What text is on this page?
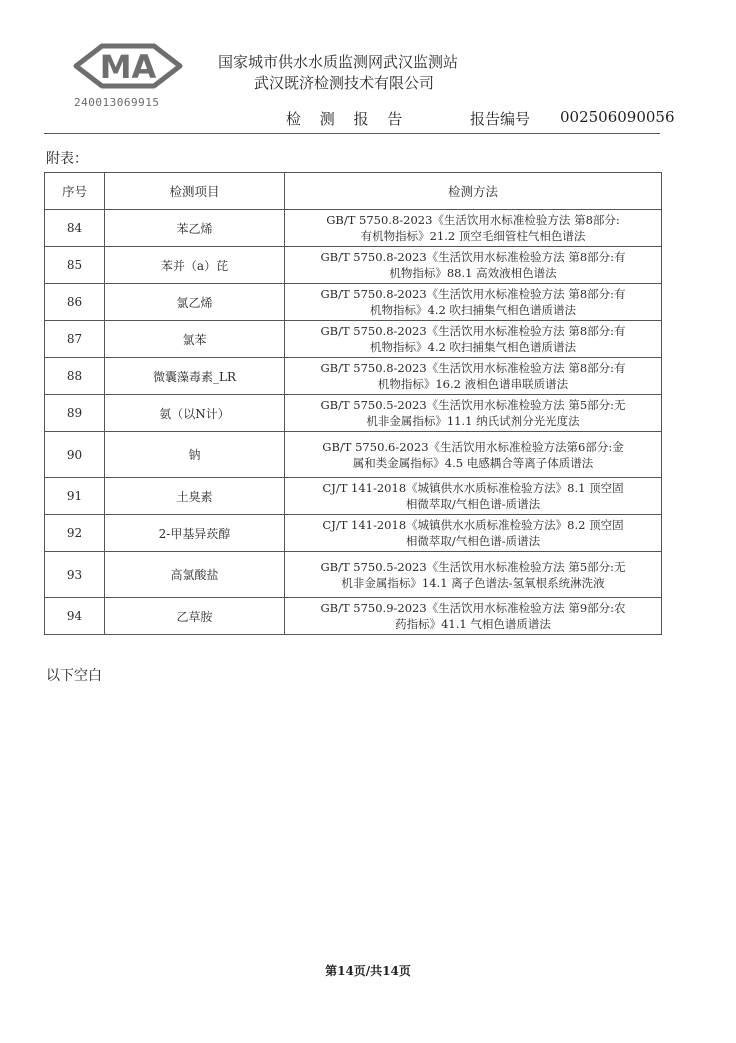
MA
240013069915
国家城市供水水质监测网武汉监测站
武汉既济检测技术有限公司
检 测 报 告	报告编号 002506090056
附表：
序号	检测项目	检测方法
84	苯乙烯	GB/T 5750.8-2023《生活饮用水标准检验方法 第8部分:
有机物指标》21.2 顶空毛细管柱气相色谱法
85	苯并（a）芘	GB/T 5750.8-2023《生活饮用水标准检验方法 第8部分:有
机物指标》88.1 高效液相色谱法
86	氯乙烯	GB/T 5750.8-2023《生活饮用水标准检验方法 第8部分:有
机物指标》4.2 吹扫捕集气相色谱质谱法
87	氯苯	GB/T 5750.8-2023《生活饮用水标准检验方法 第8部分:有
机物指标》4.2 吹扫捕集气相色谱质谱法
88	微囊藻毒素_LR	GB/T 5750.8-2023《生活饮用水标准检验方法 第8部分:有
机物指标》16.2 液相色谱串联质谱法
89	氨（以N计）	GB/T 5750.5-2023《生活饮用水标准检验方法 第5部分:无
机非金属指标》11.1 纳氏试剂分光光度法
90	钠	GB/T 5750.6-2023《生活饮用水标准检验方法第6部分:金
属和类金属指标》4.5 电感耦合等离子体质谱法
91	土臭素	CJ/T 141-2018《城镇供水水质标准检验方法》8.1 顶空固
相微萃取/气相色谱-质谱法
92	2-甲基异莰醇	CJ/T 141-2018《城镇供水水质标准检验方法》8.2 顶空固
相微萃取/气相色谱-质谱法
93	高氯酸盐	GB/T 5750.5-2023《生活饮用水标准检验方法 第5部分:无
机非金属指标》14.1 离子色谱法-氢氧根系统淋洗液
94	乙草胺	GB/T 5750.9-2023《生活饮用水标准检验方法 第9部分:农
药指标》41.1 气相色谱质谱法
以下空白
第14页/共14页
